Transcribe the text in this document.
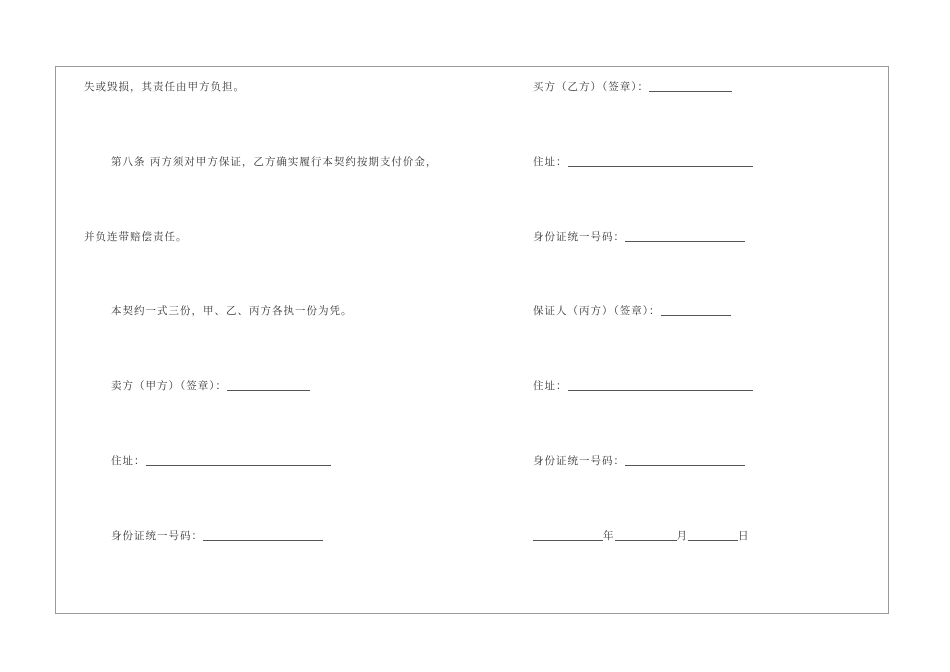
失或毁损，其责任由甲方负担。
第八条 丙方须对甲方保证，乙方确实履行本契约按期支付价金，
并负连带赔偿责任。
本契约一式三份，甲、乙、丙方各执一份为凭。
卖方（甲方）（签章）：
住址：
身份证统一号码：
买方（乙方）（签章）：
住址：
身份证统一号码：
保证人（丙方）（签章）：
住址：
身份证统一号码：
年	月	日
